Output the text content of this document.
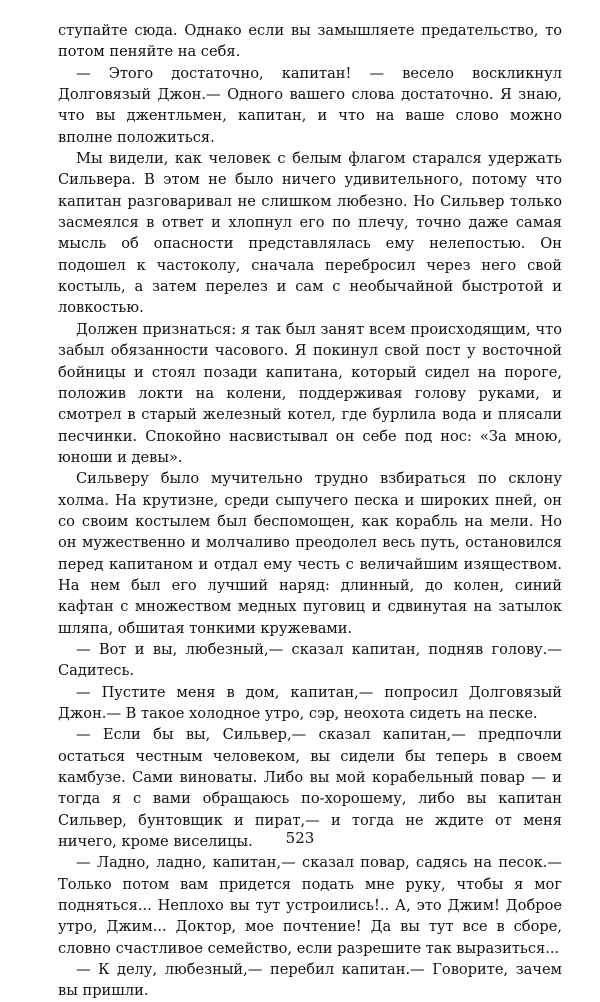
ступайте сюда. Однако если вы замышляете предательство, то потом пеняйте на себя.

— Этого достаточно, капитан! — весело воскликнул Долговязый Джон.— Одного вашего слова достаточно. Я знаю, что вы джентльмен, капитан, и что на ваше слово можно вполне положиться.

Мы видели, как человек с белым флагом старался удержать Сильвера. В этом не было ничего удивительного, потому что капитан разговаривал не слишком любезно. Но Сильвер только засмеялся в ответ и хлопнул его по плечу, точно даже самая мысль об опасности представлялась ему нелепостью. Он подошел к частоколу, сначала перебросил через него свой костыль, а затем перелез и сам с необычайной быстротой и ловкостью.

Должен признаться: я так был занят всем происходящим, что забыл обязанности часового. Я покинул свой пост у восточной бойницы и стоял позади капитана, который сидел на пороге, положив локти на колени, поддерживая голову руками, и смотрел в старый железный котел, где бурлила вода и плясали песчинки. Спокойно насвистывал он себе под нос: «За мною, юноши и девы».

Сильверу было мучительно трудно взбираться по склону холма. На крутизне, среди сыпучего песка и широких пней, он со своим костылем был беспомощен, как корабль на мели. Но он мужественно и молчаливо преодолел весь путь, остановился перед капитаном и отдал ему честь с величайшим изяществом. На нем был его лучший наряд: длинный, до колен, синий кафтан с множеством медных пуговиц и сдвинутая на затылок шляпа, обшитая тонкими кружевами.

— Вот и вы, любезный,— сказал капитан, подняв голову.— Садитесь.

— Пустите меня в дом, капитан,— попросил Долговязый Джон.— В такое холодное утро, сэр, неохота сидеть на песке.

— Если бы вы, Сильвер,— сказал капитан,— предпочли остаться честным человеком, вы сидели бы теперь в своем камбузе. Сами виноваты. Либо вы мой корабельный повар — и тогда я с вами обращаюсь по-хорошему, либо вы капитан Сильвер, бунтовщик и пират,— и тогда не ждите от меня ничего, кроме виселицы.

— Ладно, ладно, капитан,— сказал повар, садясь на песок.— Только потом вам придется подать мне руку, чтобы я мог подняться... Неплохо вы тут устроились!.. А, это Джим! Доброе утро, Джим... Доктор, мое почтение! Да вы тут все в сборе, словно счастливое семейство, если разрешите так выразиться...

— К делу, любезный,— перебил капитан.— Говорите, зачем вы пришли.

523
